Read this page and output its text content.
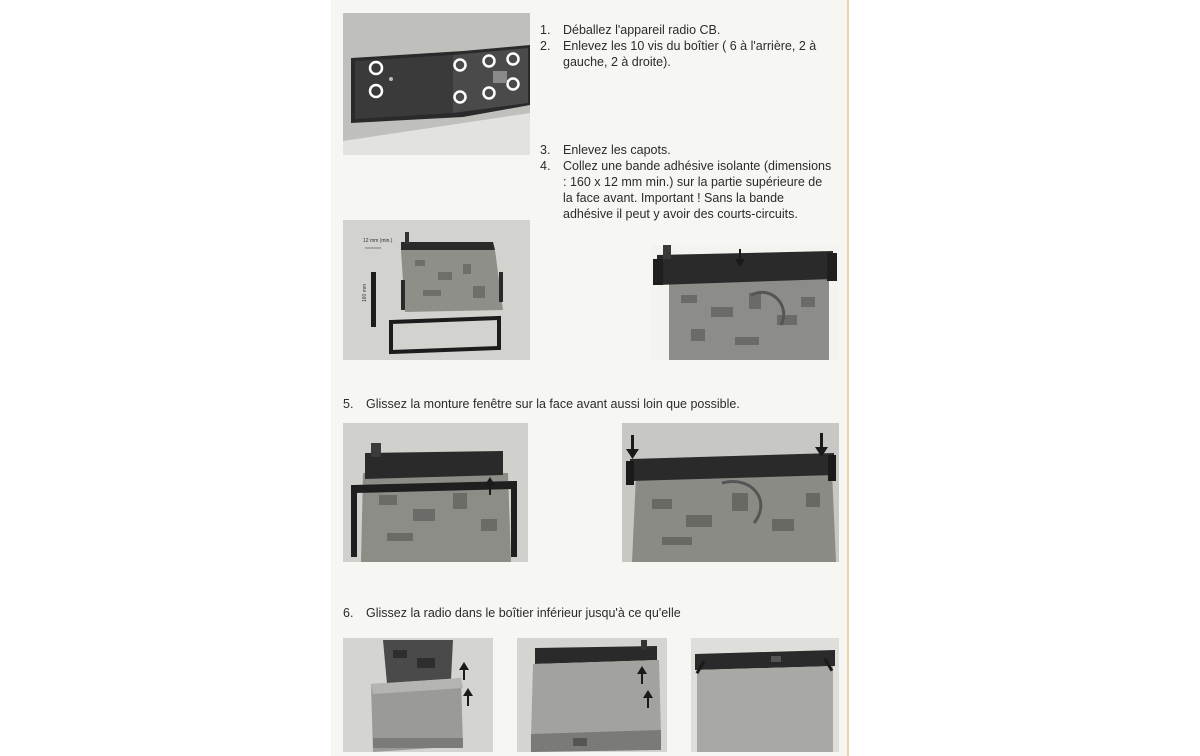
1.	Déballez l'appareil radio CB.
2.	Enlevez les 10 vis du boîtier ( 6 à l'arrière, 2 à gauche, 2 à droite).
3.	Enlevez les capots.
4.	Collez une bande adhésive isolante (dimensions : 160 x 12 mm min.) sur la partie supérieure de la face avant. Important ! Sans la bande adhésive il peut y avoir des courts-circuits.
12 mm (min.)
160 mm
5.	Glissez la monture fenêtre sur la face avant aussi loin que possible.
6.	Glissez la radio dans le boîtier inférieur jusqu'à ce qu'elle
